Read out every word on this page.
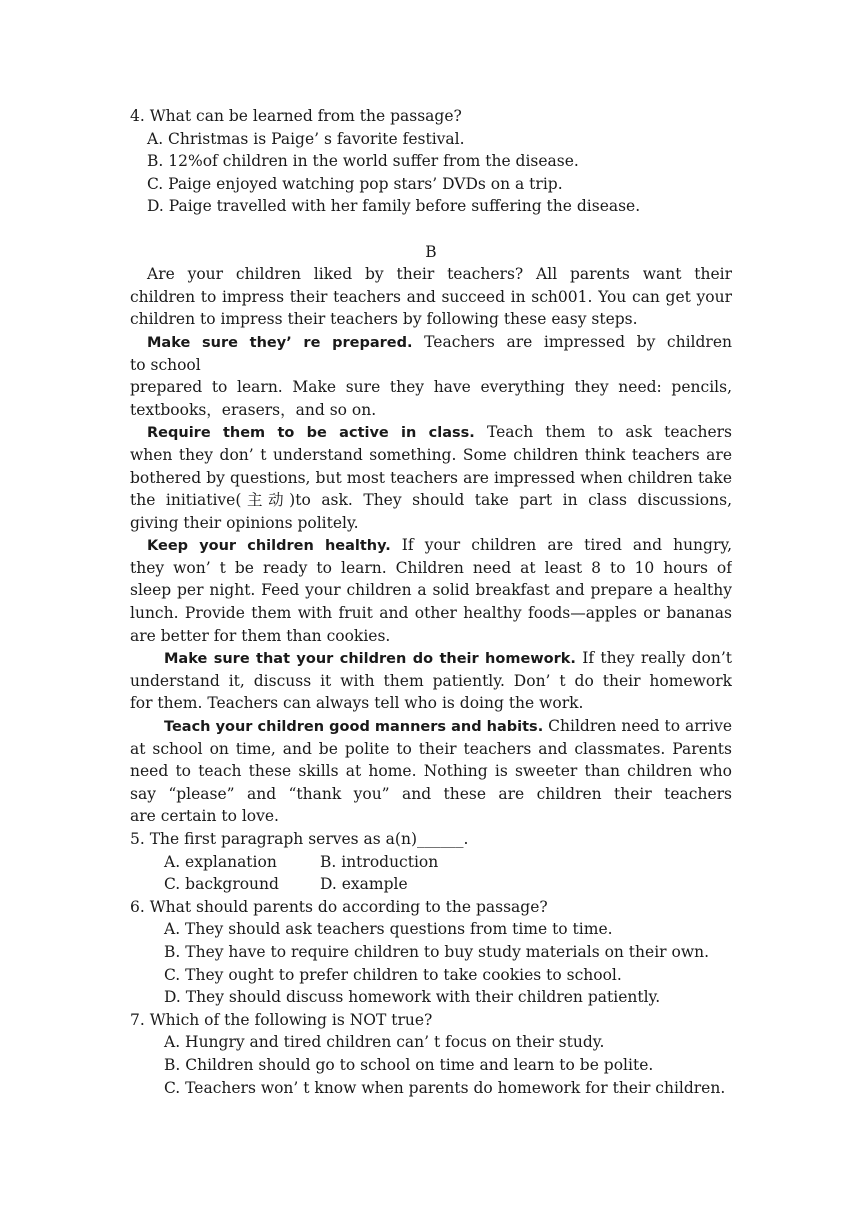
4. What can be learned from the passage?
A. Christmas is Paige’ s favorite festival.
B. 12%of children in the world suffer from the disease.
C. Paige enjoyed watching pop stars’ DVDs on a trip.
D. Paige travelled with her family before suffering the disease.
B
Are your children liked by their teachers? All parents want their
children to impress their teachers and succeed in sch001. You can get your
children to impress their teachers by following these easy steps.
Make sure they’ re prepared. Teachers are impressed by children
to school
prepared to learn. Make sure they have everything they need: pencils,
textbooks，erasers，and so on.
Require them to be active in class. Teach them to ask teachers
when they don’ t understand something. Some children think teachers are
bothered by questions, but most teachers are impressed when children take
the initiative(主动)to ask. They should take part in class discussions,
giving their opinions politely.
Keep your children healthy. If your children are tired and hungry,
they won’ t be ready to learn. Children need at least 8 to 10 hours of
sleep per night. Feed your children a solid breakfast and prepare a healthy
lunch. Provide them with fruit and other healthy foods—apples or bananas
are better for them than cookies.
Make sure that your children do their homework. If they really don’t
understand it, discuss it with them patiently. Don’ t do their homework
for them. Teachers can always tell who is doing the work.
Teach your children good manners and habits. Children need to arrive
at school on time, and be polite to their teachers and classmates. Parents
need to teach these skills at home. Nothing is sweeter than children who
say “please” and “thank you” and these are children their teachers
are certain to love.
5. The first paragraph serves as a(n)______.
A. explanation	B. introduction
C. background	D. example
6. What should parents do according to the passage?
A. They should ask teachers questions from time to time.
B. They have to require children to buy study materials on their own.
C. They ought to prefer children to take cookies to school.
D. They should discuss homework with their children patiently.
7. Which of the following is NOT true?
A. Hungry and tired children can’ t focus on their study.
B. Children should go to school on time and learn to be polite.
C. Teachers won’ t know when parents do homework for their children.
